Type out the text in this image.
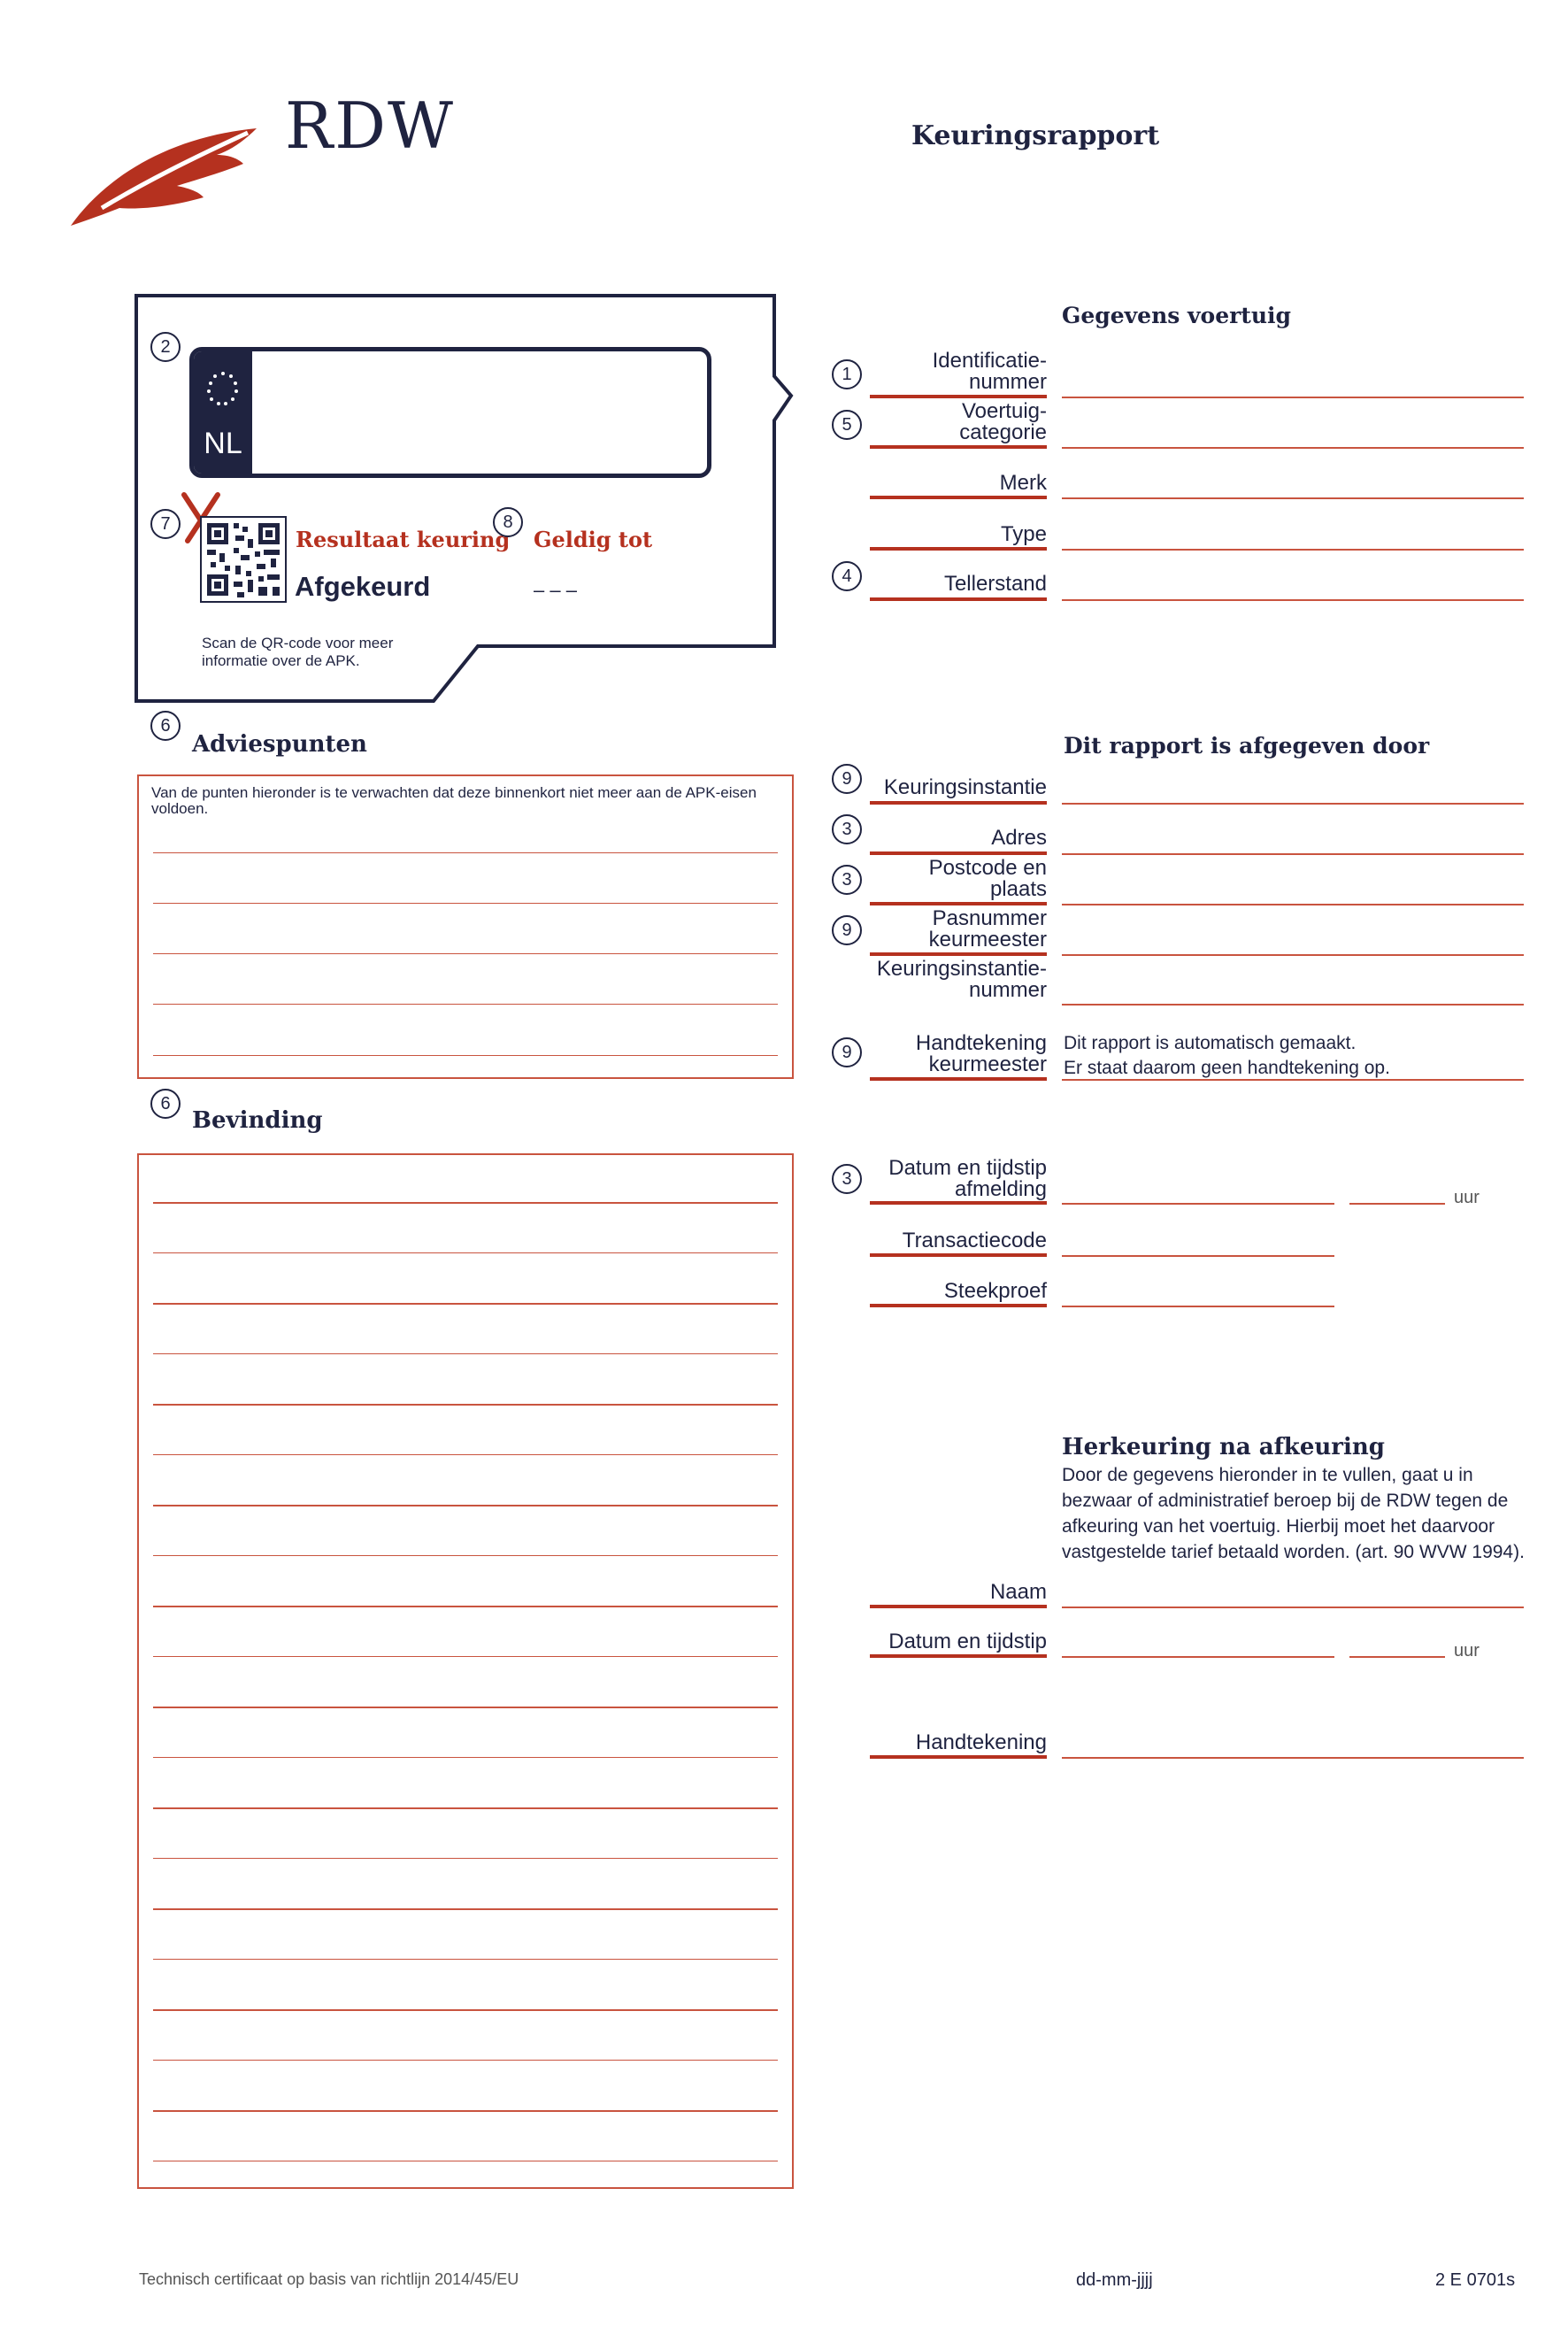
RDW	Keuringsrapport
2
NL
7
Resultaat keuring
Afgekeurd
8
Geldig tot
– – –
Scan de QR-code voor meer informatie over de APK.
Gegevens voertuig
1
Identificatie-
nummer
5
Voertuig-
categorie
Merk
Type
4	Tellerstand
6
Adviespunten
Van de punten hieronder is te verwachten dat deze binnenkort niet meer aan de APK-eisen voldoen.
Dit rapport is afgegeven door
9	Keuringsinstantie
3	Adres
3	Postcode en
plaats
9	Pasnummer
keurmeester
Keuringsinstantie-
nummer
9	Handtekening
keurmeester
Dit rapport is automatisch gemaakt.
Er staat daarom geen handtekening op.
6
Bevinding
3	Datum en tijdstip
afmelding	uur
Transactiecode
Steekproef
Herkeuring na afkeuring
Door de gegevens hieronder in te vullen, gaat u in bezwaar of administratief beroep bij de RDW tegen de afkeuring van het voertuig. Hierbij moet het daarvoor vastgestelde tarief betaald worden. (art. 90 WVW 1994).
Naam
Datum en tijdstip	uur
Handtekening
Technisch certificaat op basis van richtlijn 2014/45/EU	dd-mm-jjjj	2 E 0701s
